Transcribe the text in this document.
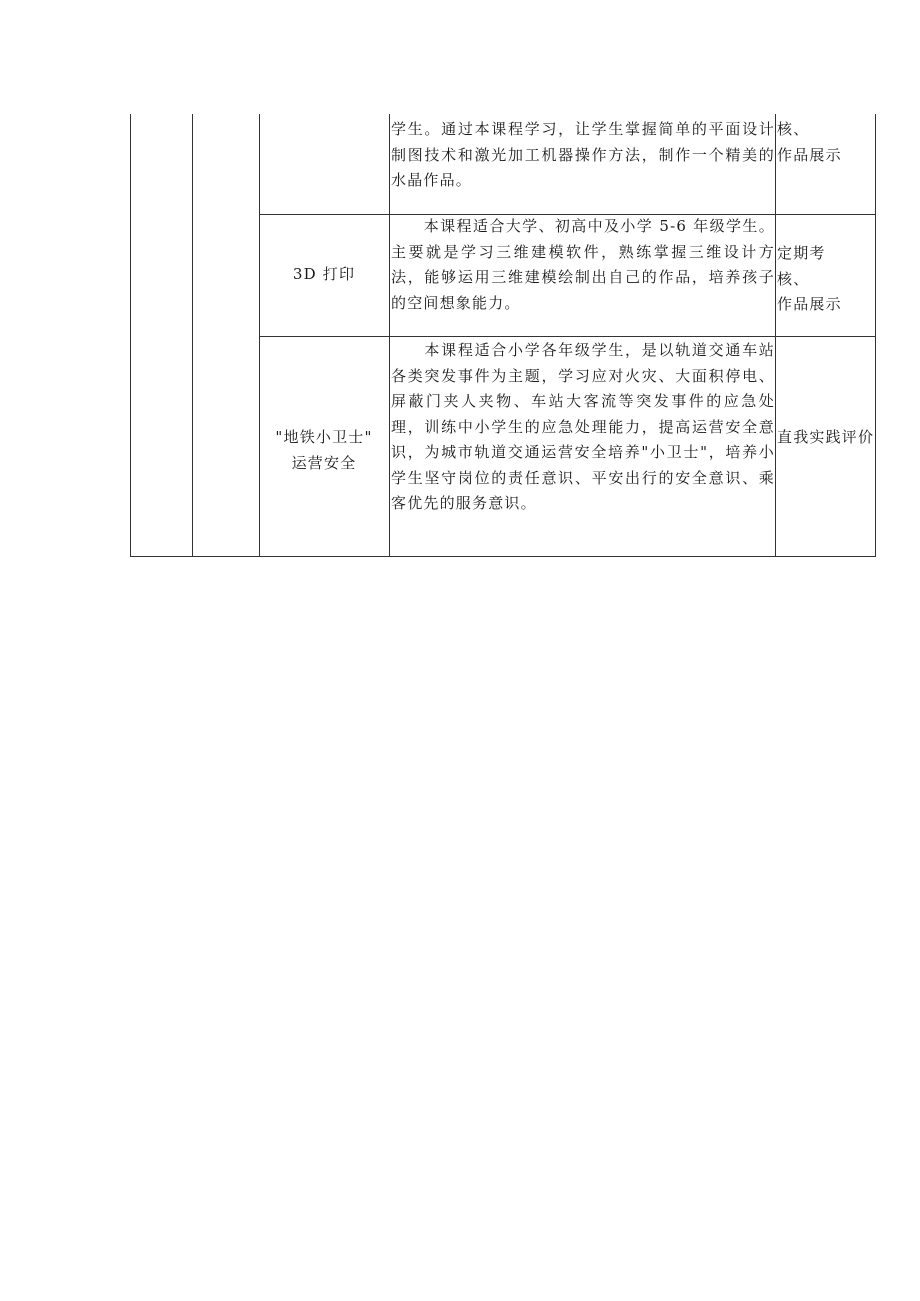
学生。通过本课程学习，让学生掌握简单的平面设计制图技术和激光加工机器操作方法，制作一个精美的水晶作品。
核、
作品展示
3D 打印
　　本课程适合大学、初高中及小学 5-6 年级学生。主要就是学习三维建模软件，熟练掌握三维设计方法，能够运用三维建模绘制出自己的作品，培养孩子的空间想象能力。
定期考
核、
作品展示
"地铁小卫士"
运营安全
　　本课程适合小学各年级学生，是以轨道交通车站各类突发事件为主题，学习应对火灾、大面积停电、屏蔽门夹人夹物、车站大客流等突发事件的应急处理，训练中小学生的应急处理能力，提高运营安全意识，为城市轨道交通运营安全培养"小卫士"，培养小学生坚守岗位的责任意识、平安出行的安全意识、乘客优先的服务意识。
直我实践评价
